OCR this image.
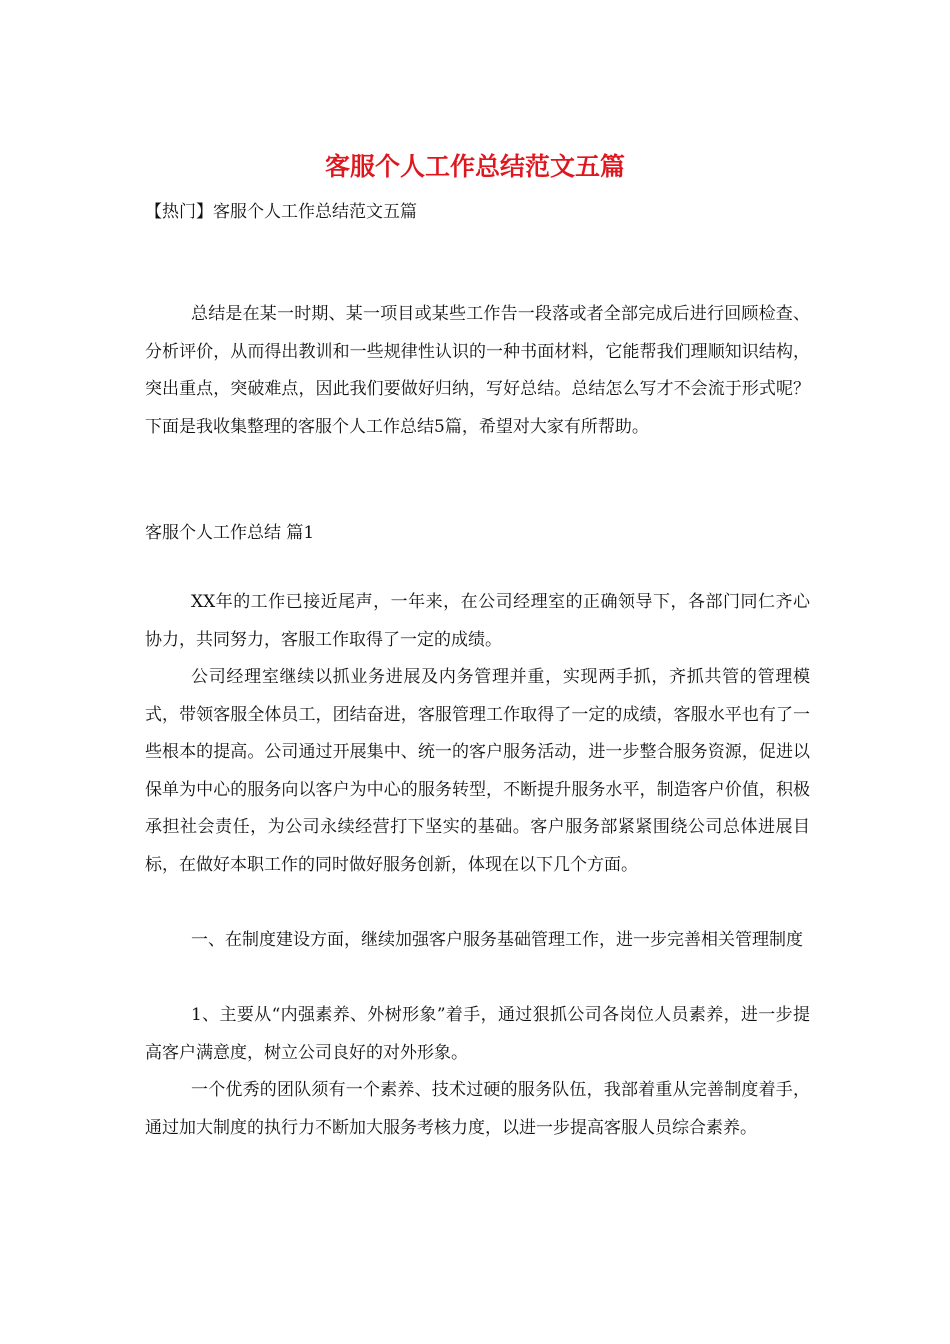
客服个人工作总结范文五篇

【热门】客服个人工作总结范文五篇

总结是在某一时期、某一项目或某些工作告一段落或者全部完成后进行回顾检查、分析评价，从而得出教训和一些规律性认识的一种书面材料，它能帮我们理顺知识结构，突出重点，突破难点，因此我们要做好归纳，写好总结。总结怎么写才不会流于形式呢？下面是我收集整理的客服个人工作总结5篇，希望对大家有所帮助。

客服个人工作总结 篇1

XX年的工作已接近尾声，一年来，在公司经理室的正确领导下，各部门同仁齐心协力，共同努力，客服工作取得了一定的成绩。

公司经理室继续以抓业务进展及内务管理并重，实现两手抓，齐抓共管的管理模式，带领客服全体员工，团结奋进，客服管理工作取得了一定的成绩，客服水平也有了一些根本的提高。公司通过开展集中、统一的客户服务活动，进一步整合服务资源，促进以保单为中心的服务向以客户为中心的服务转型，不断提升服务水平，制造客户价值，积极承担社会责任，为公司永续经营打下坚实的基础。客户服务部紧紧围绕公司总体进展目标，在做好本职工作的同时做好服务创新，体现在以下几个方面。

一、在制度建设方面，继续加强客户服务基础管理工作，进一步完善相关管理制度

1、主要从“内强素养、外树形象”着手，通过狠抓公司各岗位人员素养，进一步提高客户满意度，树立公司良好的对外形象。

一个优秀的团队须有一个素养、技术过硬的服务队伍，我部着重从完善制度着手，通过加大制度的执行力不断加大服务考核力度，以进一步提高客服人员综合素养。
